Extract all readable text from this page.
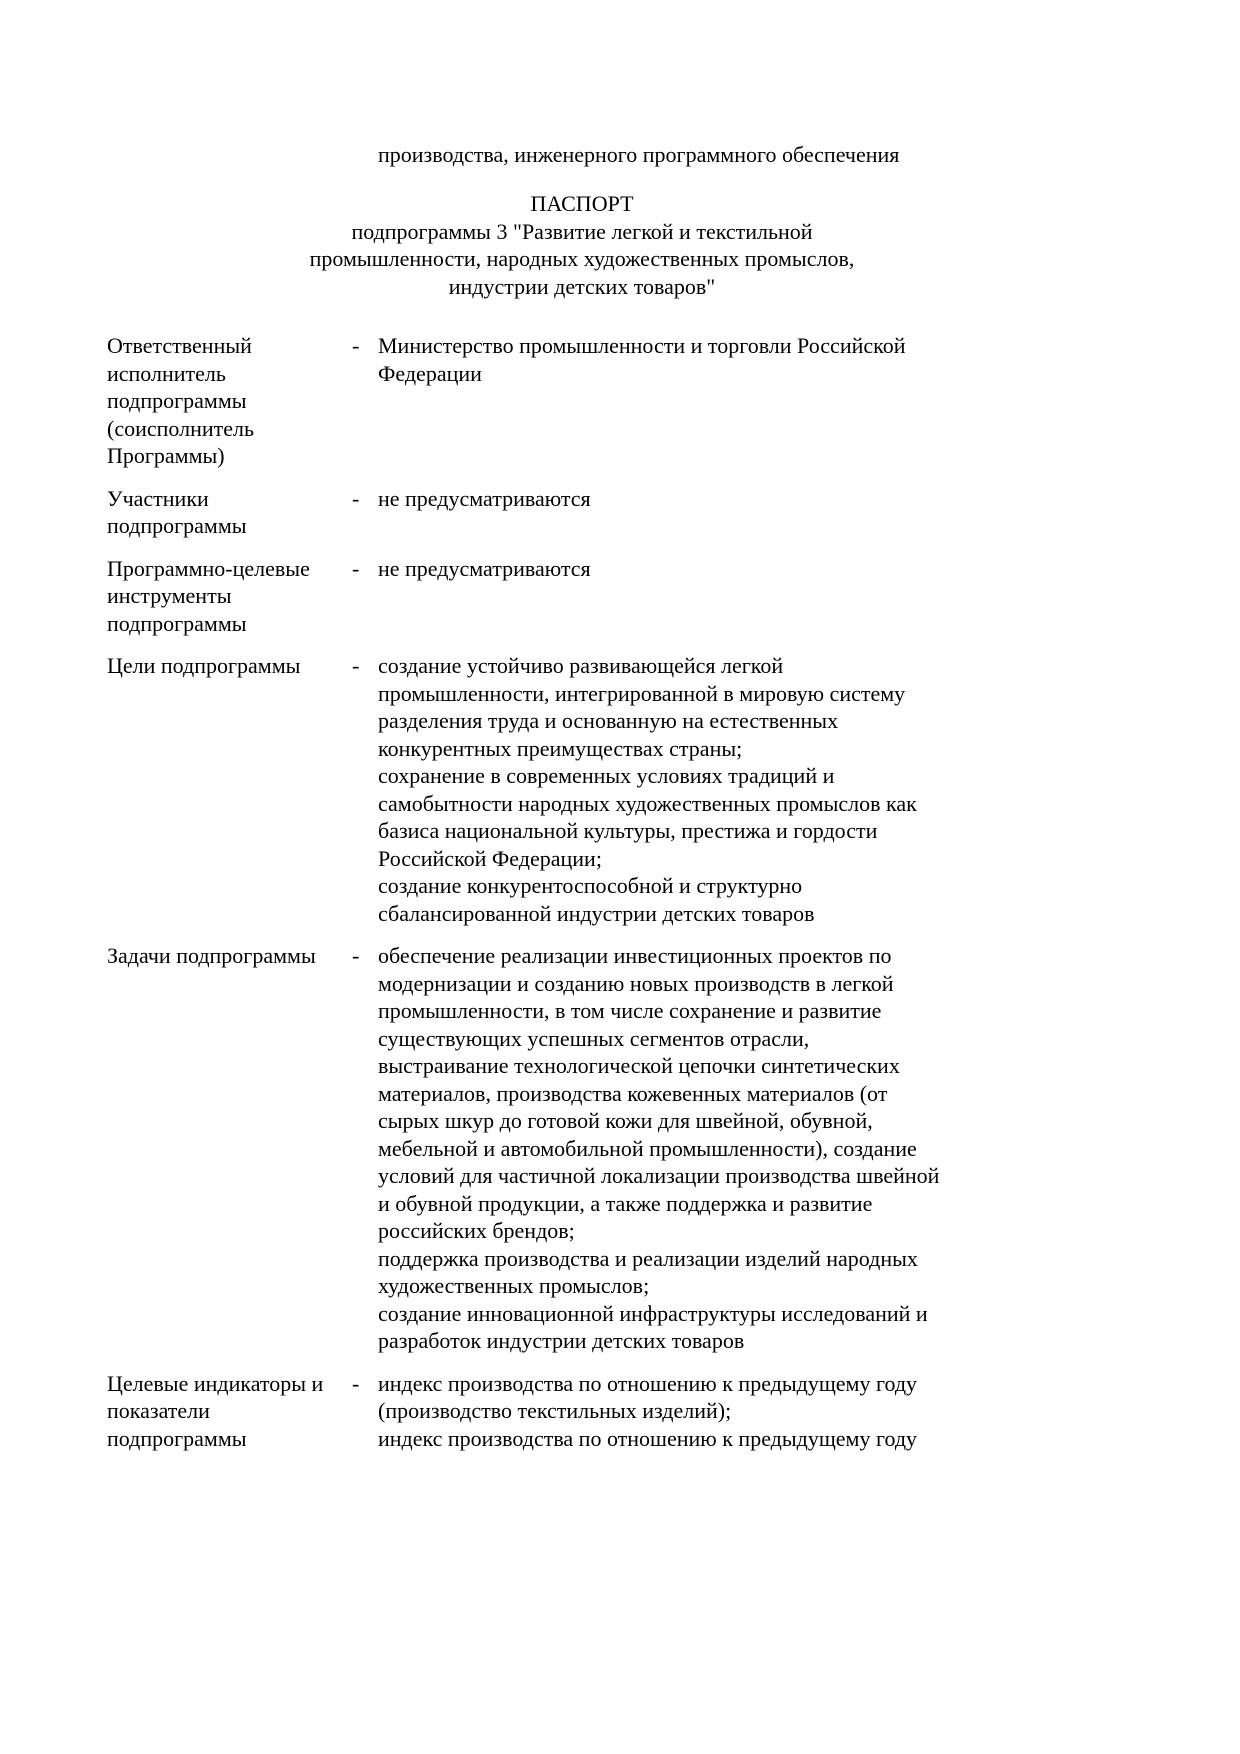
производства, инженерного программного обеспечения
ПАСПОРТ
подпрограммы 3 "Развитие легкой и текстильной
промышленности, народных художественных промыслов,
индустрии детских товаров"
Ответственный исполнитель подпрограммы (соисполнитель Программы)
- Министерство промышленности и торговли Российской Федерации

Участники подпрограммы
- не предусматриваются

Программно-целевые инструменты подпрограммы
- не предусматриваются

Цели подпрограммы	- создание устойчиво развивающейся легкой промышленности, интегрированной в мировую систему разделения труда и основанную на естественных конкурентных преимуществах страны;

сохранение в современных условиях традиций и самобытности народных художественных промыслов как базиса национальной культуры, престижа и гордости Российской Федерации;

создание конкурентоспособной и структурно сбалансированной индустрии детских товаров

Задачи подпрограммы	- обеспечение реализации инвестиционных проектов по модернизации и созданию новых производств в легкой промышленности, в том числе сохранение и развитие существующих успешных сегментов отрасли, выстраивание технологической цепочки синтетических материалов, производства кожевенных материалов (от сырых шкур до готовой кожи для швейной, обувной, мебельной и автомобильной промышленности), создание условий для частичной локализации производства швейной и обувной продукции, а также поддержка и развитие российских брендов;

поддержка производства и реализации изделий народных художественных промыслов;

создание инновационной инфраструктуры исследований и разработок индустрии детских товаров

Целевые индикаторы и показатели подпрограммы
- индекс производства по отношению к предыдущему году (производство текстильных изделий);

индекс производства по отношению к предыдущему году
